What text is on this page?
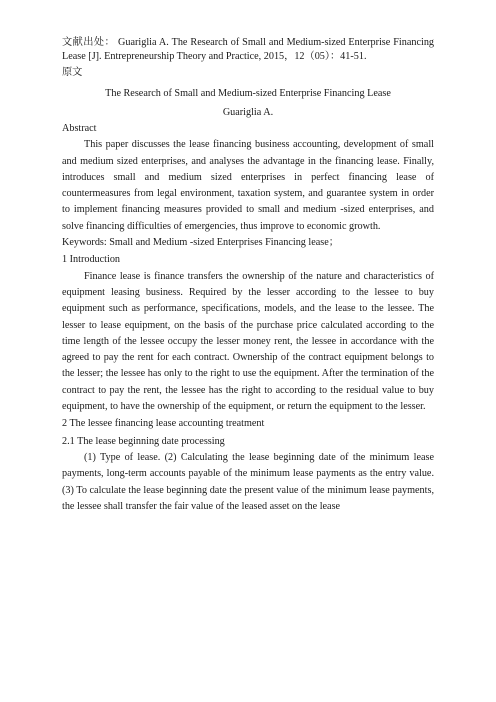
文献出处： Guariglia A. The Research of Small and Medium-sized Enterprise Financing Lease [J]. Entrepreneurship Theory and Practice, 2015，12（05）：41-51.
原文
The Research of Small and Medium-sized Enterprise Financing Lease
Guariglia A.
Abstract

This paper discusses the lease financing business accounting, development of small and medium sized enterprises, and analyses the advantage in the financing lease. Finally, introduces small and medium sized enterprises in perfect financing lease of countermeasures from legal environment, taxation system, and guarantee system in order to implement financing measures provided to small and medium -sized enterprises, and solve financing difficulties of emergencies, thus improve to economic growth.

Keywords: Small and Medium -sized Enterprises Financing lease；

1 Introduction

Finance lease is finance transfers the ownership of the nature and characteristics of equipment leasing business. Required by the lesser according to the lessee to buy equipment such as performance, specifications, models, and the lease to the lessee. The lesser to lease equipment, on the basis of the purchase price calculated according to the time length of the lessee occupy the lesser money rent, the lessee in accordance with the agreed to pay the rent for each contract. Ownership of the contract equipment belongs to the lesser; the lessee has only to the right to use the equipment. After the termination of the contract to pay the rent, the lessee has the right to according to the residual value to buy equipment, to have the ownership of the equipment, or return the equipment to the lesser.

2 The lessee financing lease accounting treatment
2.1 The lease beginning date processing

(1) Type of lease. (2) Calculating the lease beginning date of the minimum lease payments, long-term accounts payable of the minimum lease payments as the entry value. (3) To calculate the lease beginning date the present value of the minimum lease payments, the lessee shall transfer the fair value of the leased asset on the lease
